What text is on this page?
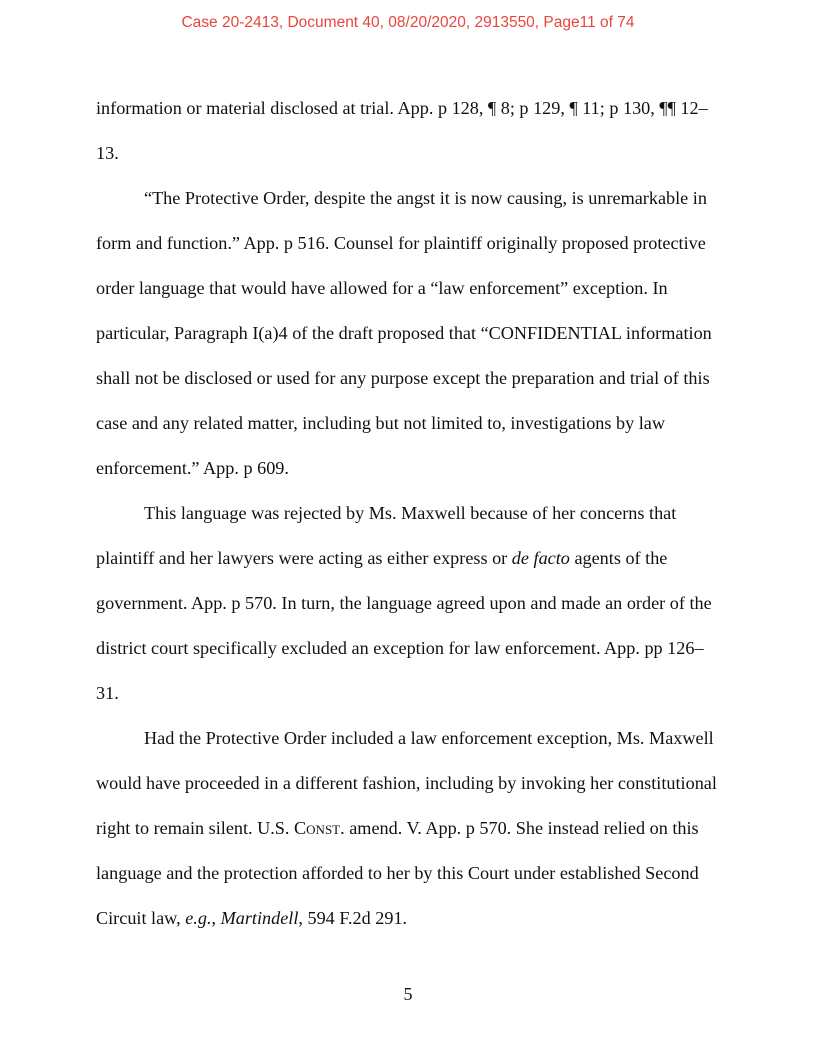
Case 20-2413, Document 40, 08/20/2020, 2913550, Page11 of 74

information or material disclosed at trial. App. p 128, ¶ 8; p 129, ¶ 11; p 130, ¶¶ 12–13.

“The Protective Order, despite the angst it is now causing, is unremarkable in form and function.” App. p 516. Counsel for plaintiff originally proposed protective order language that would have allowed for a “law enforcement” exception. In particular, Paragraph I(a)4 of the draft proposed that “CONFIDENTIAL information shall not be disclosed or used for any purpose except the preparation and trial of this case and any related matter, including but not limited to, investigations by law enforcement.” App. p 609.

This language was rejected by Ms. Maxwell because of her concerns that plaintiff and her lawyers were acting as either express or de facto agents of the government. App. p 570. In turn, the language agreed upon and made an order of the district court specifically excluded an exception for law enforcement. App. pp 126–31.

Had the Protective Order included a law enforcement exception, Ms. Maxwell would have proceeded in a different fashion, including by invoking her constitutional right to remain silent. U.S. Const. amend. V. App. p 570. She instead relied on this language and the protection afforded to her by this Court under established Second Circuit law, e.g., Martindell, 594 F.2d 291.

5
